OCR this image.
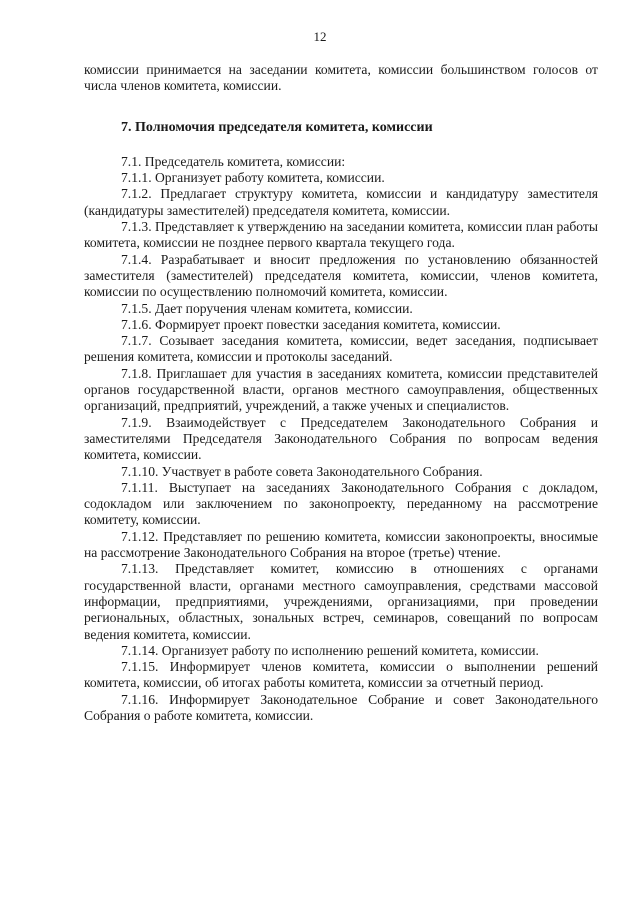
12

комиссии принимается на заседании комитета, комиссии большинством голосов от числа членов комитета, комиссии.

7. Полномочия председателя комитета, комиссии

7.1. Председатель комитета, комиссии:

7.1.1. Организует работу комитета, комиссии.

7.1.2. Предлагает структуру комитета, комиссии и кандидатуру заместителя (кандидатуры заместителей) председателя комитета, комиссии.

7.1.3. Представляет к утверждению на заседании комитета, комиссии план работы комитета, комиссии не позднее первого квартала текущего года.

7.1.4. Разрабатывает и вносит предложения по установлению обязанностей заместителя (заместителей) председателя комитета, комиссии, членов комитета, комиссии по осуществлению полномочий комитета, комиссии.

7.1.5. Дает поручения членам комитета, комиссии.

7.1.6. Формирует проект повестки заседания комитета, комиссии.

7.1.7. Созывает заседания комитета, комиссии, ведет заседания, подписывает решения комитета, комиссии и протоколы заседаний.

7.1.8. Приглашает для участия в заседаниях комитета, комиссии представителей органов государственной власти, органов местного самоуправления, общественных организаций, предприятий, учреждений, а также ученых и специалистов.

7.1.9. Взаимодействует с Председателем Законодательного Собрания и заместителями Председателя Законодательного Собрания по вопросам ведения комитета, комиссии.

7.1.10. Участвует в работе совета Законодательного Собрания.

7.1.11. Выступает на заседаниях Законодательного Собрания с докладом, содокладом или заключением по законопроекту, переданному на рассмотрение комитету, комиссии.

7.1.12. Представляет по решению комитета, комиссии законопроекты, вносимые на рассмотрение Законодательного Собрания на второе (третье) чтение.

7.1.13. Представляет комитет, комиссию в отношениях с органами государственной власти, органами местного самоуправления, средствами массовой информации, предприятиями, учреждениями, организациями, при проведении региональных, областных, зональных встреч, семинаров, совещаний по вопросам ведения комитета, комиссии.

7.1.14. Организует работу по исполнению решений комитета, комиссии.

7.1.15. Информирует членов комитета, комиссии о выполнении решений комитета, комиссии, об итогах работы комитета, комиссии за отчетный период.

7.1.16. Информирует Законодательное Собрание и совет Законодательного Собрания о работе комитета, комиссии.
